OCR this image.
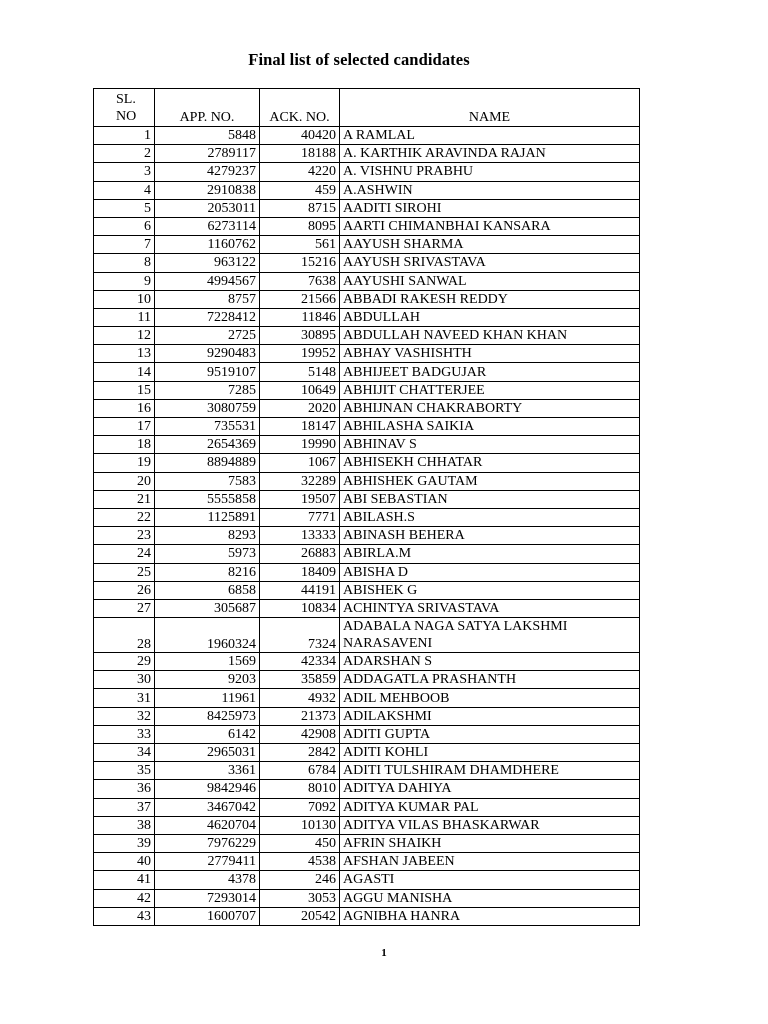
Final list of selected candidates
SL.
NO	APP. NO.	ACK. NO.	NAME
1	5848	40420	A RAMLAL
2	2789117	18188	A. KARTHIK ARAVINDA RAJAN
3	4279237	4220	A. VISHNU PRABHU
4	2910838	459	A.ASHWIN
5	2053011	8715	AADITI SIROHI
6	6273114	8095	AARTI CHIMANBHAI KANSARA
7	1160762	561	AAYUSH SHARMA
8	963122	15216	AAYUSH SRIVASTAVA
9	4994567	7638	AAYUSHI SANWAL
10	8757	21566	ABBADI RAKESH REDDY
11	7228412	11846	ABDULLAH
12	2725	30895	ABDULLAH NAVEED KHAN KHAN
13	9290483	19952	ABHAY VASHISHTH
14	9519107	5148	ABHIJEET BADGUJAR
15	7285	10649	ABHIJIT CHATTERJEE
16	3080759	2020	ABHIJNAN CHAKRABORTY
17	735531	18147	ABHILASHA SAIKIA
18	2654369	19990	ABHINAV S
19	8894889	1067	ABHISEKH CHHATAR
20	7583	32289	ABHISHEK GAUTAM
21	5555858	19507	ABI SEBASTIAN
22	1125891	7771	ABILASH.S
23	8293	13333	ABINASH BEHERA
24	5973	26883	ABIRLA.M
25	8216	18409	ABISHA D
26	6858	44191	ABISHEK G
27	305687	10834	ACHINTYA SRIVASTAVA
28	1960324	7324	ADABALA NAGA SATYA LAKSHMI NARASAVENI
29	1569	42334	ADARSHAN S
30	9203	35859	ADDAGATLA PRASHANTH
31	11961	4932	ADIL MEHBOOB
32	8425973	21373	ADILAKSHMI
33	6142	42908	ADITI GUPTA
34	2965031	2842	ADITI KOHLI
35	3361	6784	ADITI TULSHIRAM DHAMDHERE
36	9842946	8010	ADITYA DAHIYA
37	3467042	7092	ADITYA KUMAR PAL
38	4620704	10130	ADITYA VILAS BHASKARWAR
39	7976229	450	AFRIN SHAIKH
40	2779411	4538	AFSHAN JABEEN
41	4378	246	AGASTI
42	7293014	3053	AGGU MANISHA
43	1600707	20542	AGNIBHA HANRA
1
